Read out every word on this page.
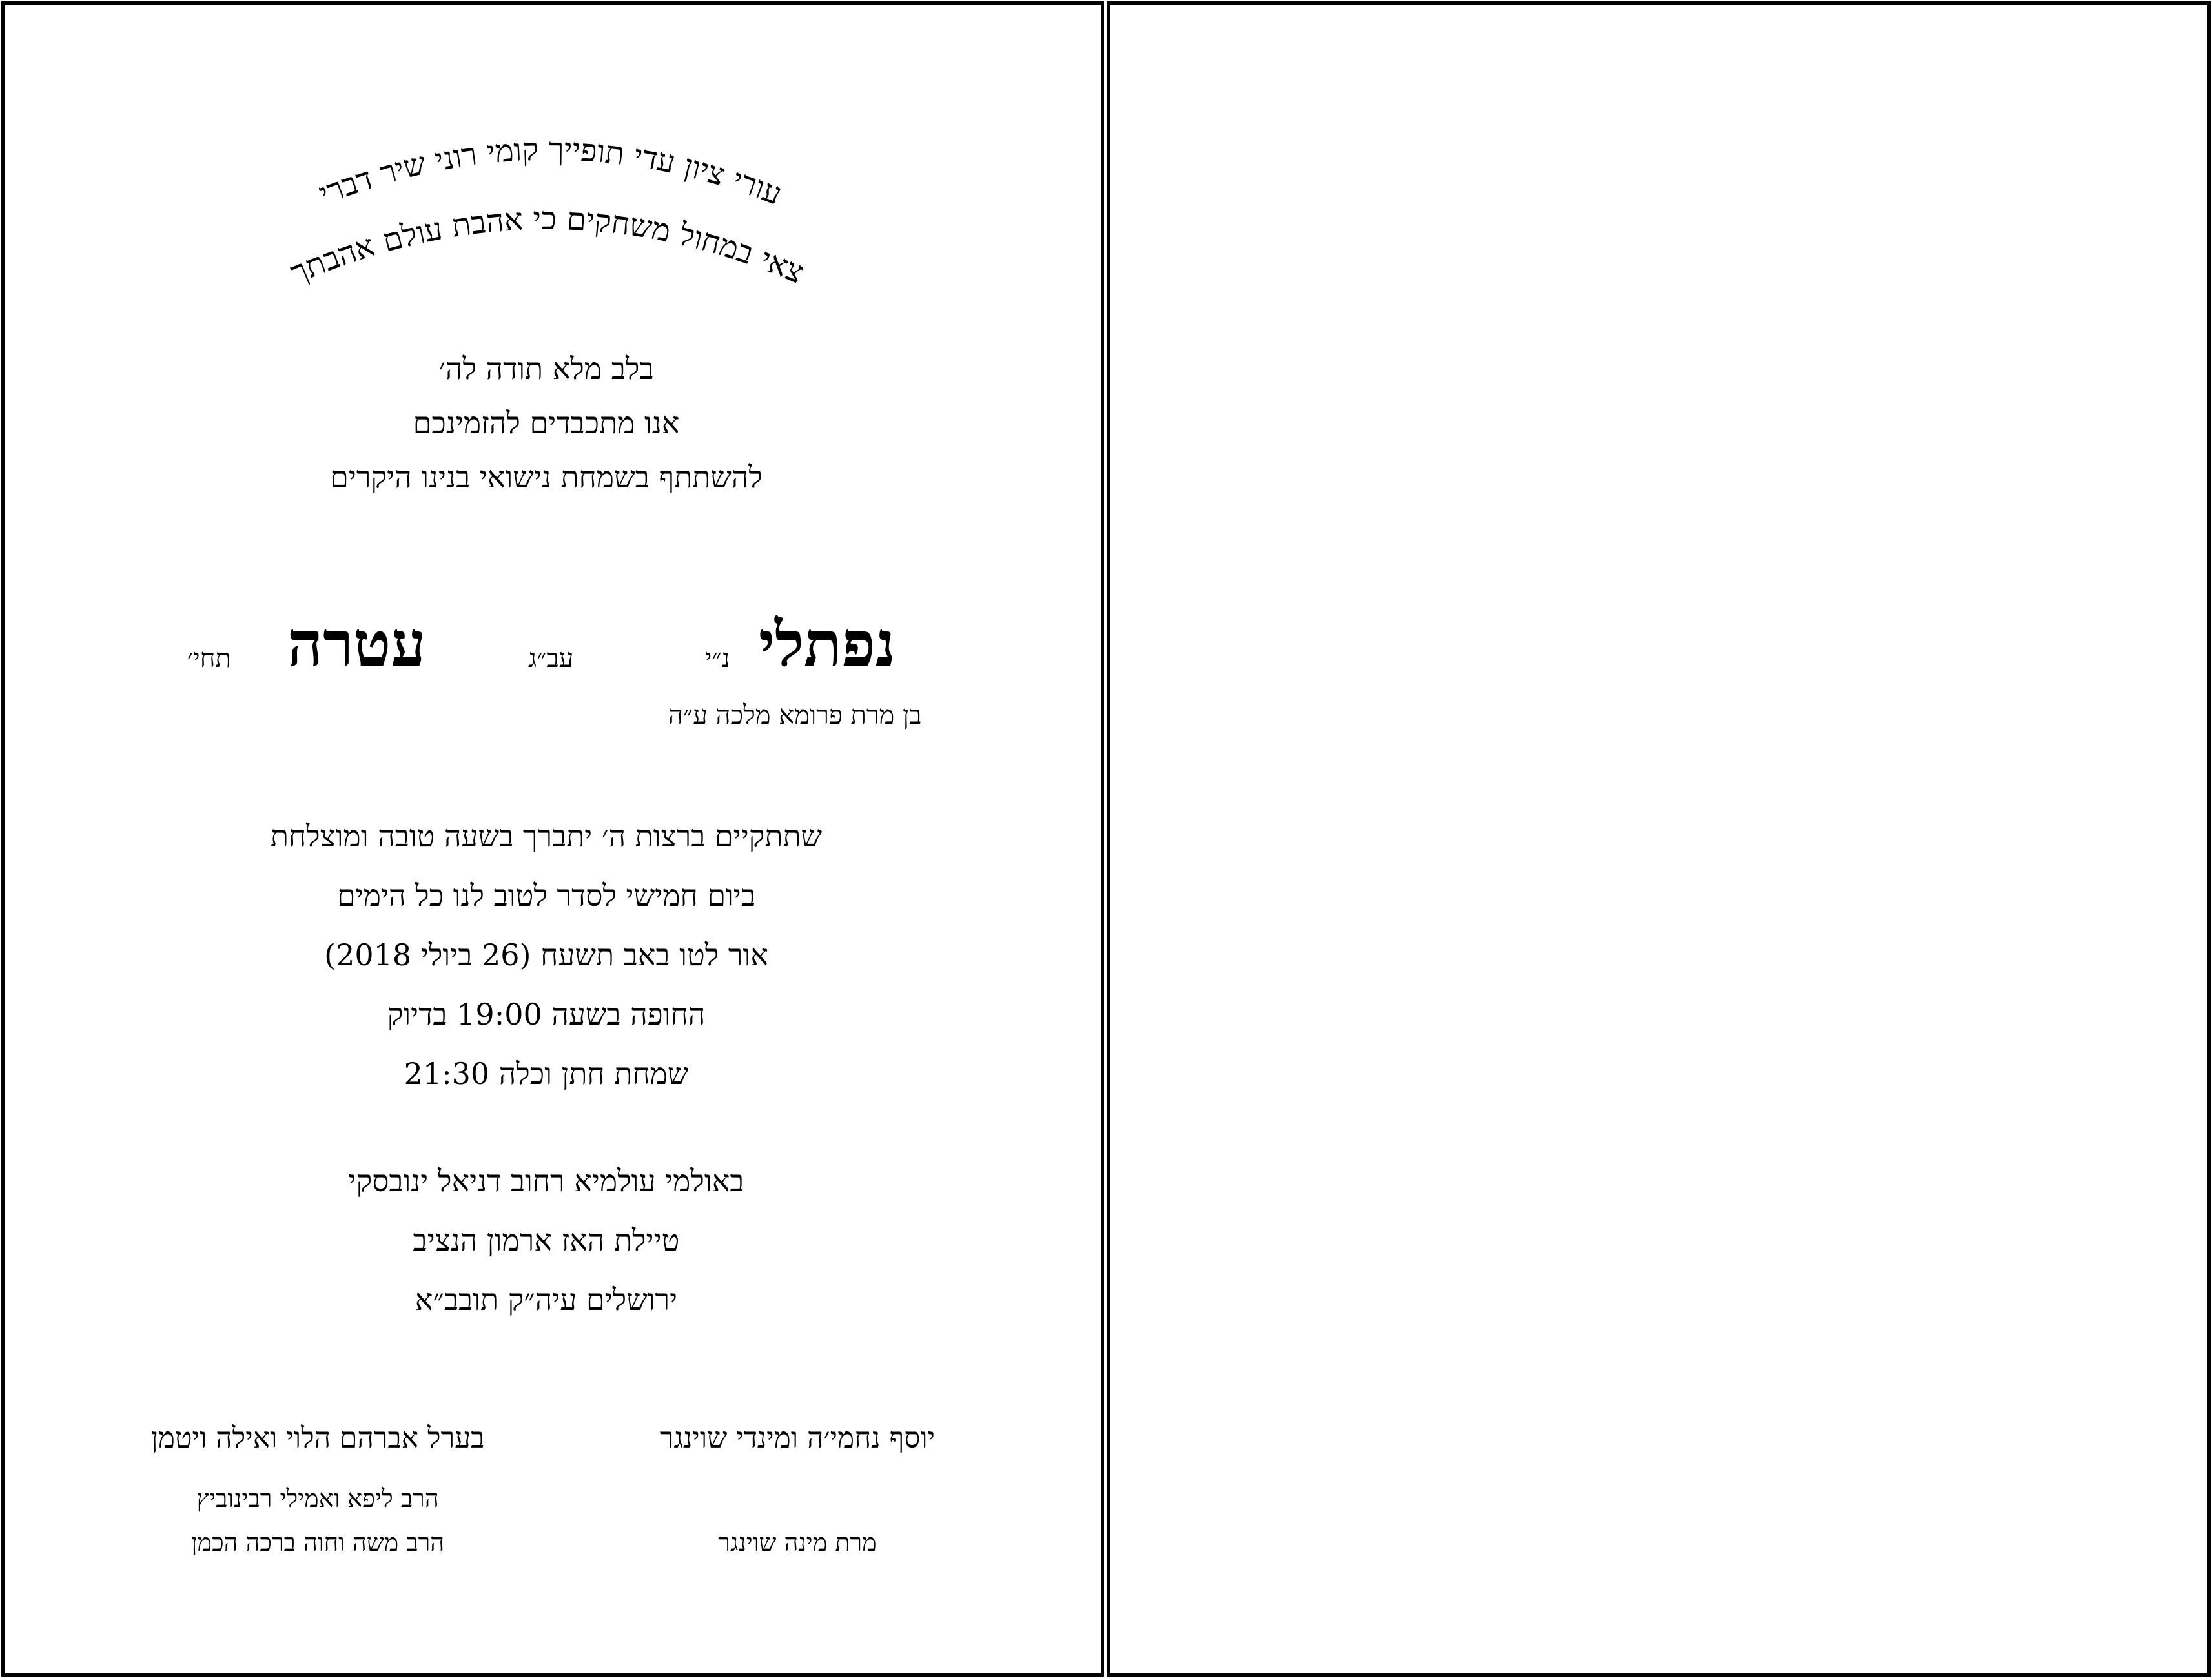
עורי ציון עדי תופייך קומי רוני שיר דברי
צאי במחול משחקים כי אהבת עולם אהבתך
בלב מלא תודה לה׳
אנו מתכבדים להזמינכם
להשתתף בשמחת נישואי בנינו היקרים
נפתלי
נ״י
עב״ג
עטרה
תחי׳
בן מרת פרומא מלכה ע״ה
שתתקיים ברצות ה׳ יתברך בשעה טובה ומוצלחת
ביום חמישי לסדר לטוב לנו כל הימים
אור לטו באב תשעח (26 ביולי 2018)
החופה בשעה 19:00 בדיוק
שמחת חתן וכלה 21:30
באולמי עולמיא רחוב דניאל ינובסקי
טיילת האז ארמון הנציב
ירושלים עיה״ק תובב״א
יוסף נחמי׳ה ומינדי שוינגר
בערל אברהם הלוי ואילה ויטמן
הרב ליפא ואמילי רבינוביץ
מרת מינה שוינגר
הרב משה וחוה ברכה הכמן
